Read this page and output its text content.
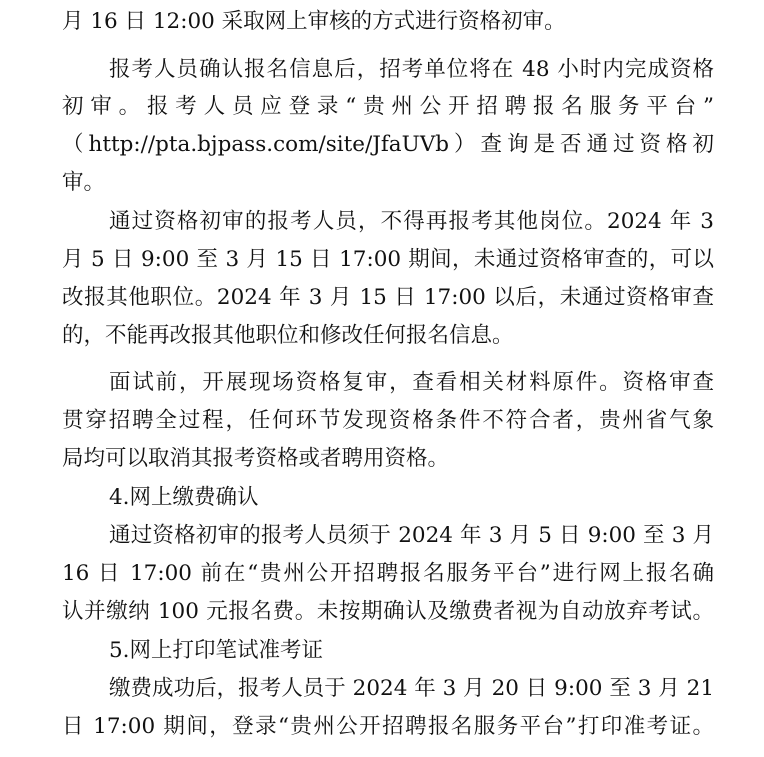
月 16 日 12:00 采取网上审核的方式进行资格初审。

报考人员确认报名信息后，招考单位将在 48 小时内完成资格

初审。报考人员应登录“贵州公开招聘报名服务平台”

（http://pta.bjpass.com/site/JfaUVb）查询是否通过资格初

审。

通过资格初审的报考人员，不得再报考其他岗位。2024 年 3

月 5 日 9:00 至 3 月 15 日 17:00 期间，未通过资格审查的，可以

改报其他职位。2024 年 3 月 15 日 17:00 以后，未通过资格审查

的，不能再改报其他职位和修改任何报名信息。

面试前，开展现场资格复审，查看相关材料原件。资格审查

贯穿招聘全过程，任何环节发现资格条件不符合者，贵州省气象

局均可以取消其报考资格或者聘用资格。

4.网上缴费确认

通过资格初审的报考人员须于 2024 年 3 月 5 日 9:00 至 3 月

16 日 17:00 前在“贵州公开招聘报名服务平台”进行网上报名确

认并缴纳 100 元报名费。未按期确认及缴费者视为自动放弃考试。

5.网上打印笔试准考证

缴费成功后，报考人员于 2024 年 3 月 20 日 9:00 至 3 月 21

日 17:00 期间，登录“贵州公开招聘报名服务平台”打印准考证。
